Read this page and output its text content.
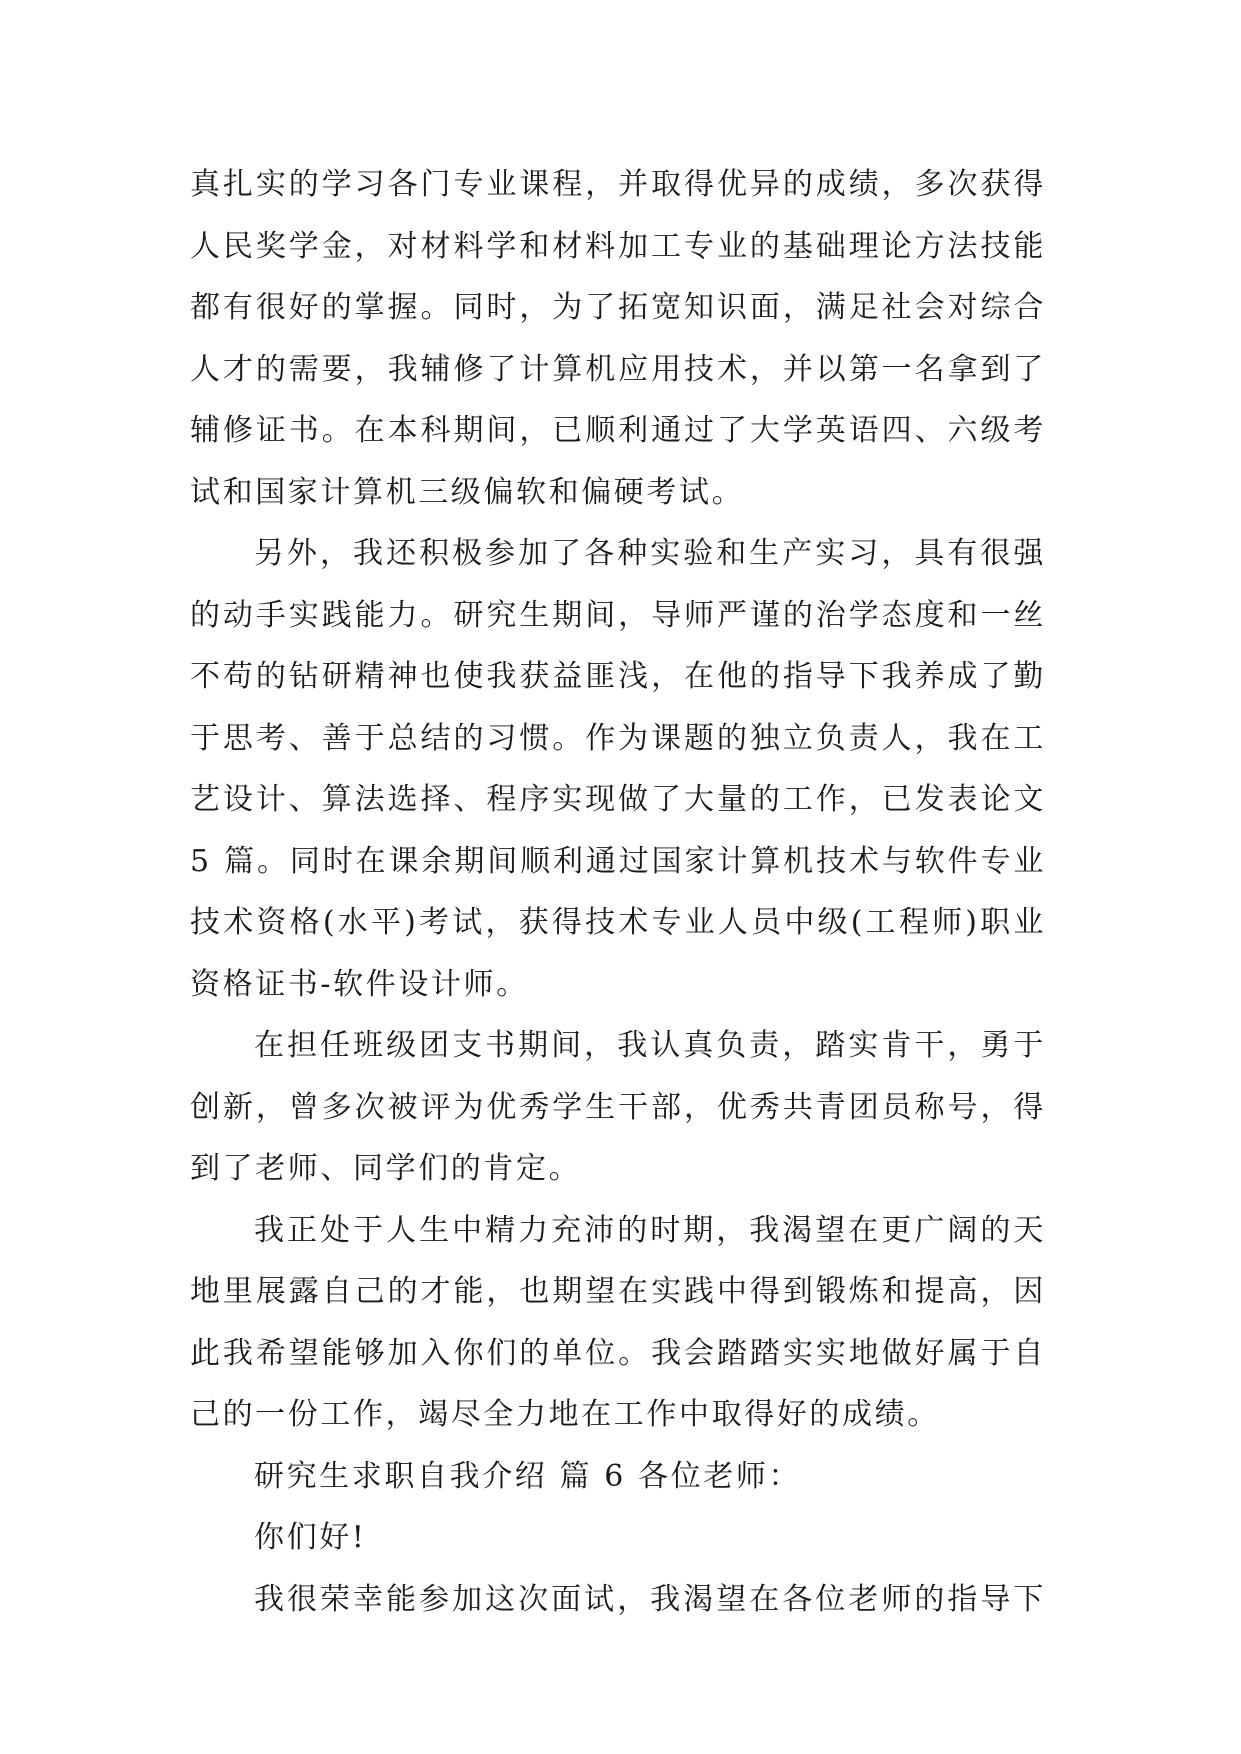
真扎实的学习各门专业课程，并取得优异的成绩，多次获得
人民奖学金，对材料学和材料加工专业的基础理论方法技能
都有很好的掌握。同时，为了拓宽知识面，满足社会对综合
人才的需要，我辅修了计算机应用技术，并以第一名拿到了
辅修证书。在本科期间，已顺利通过了大学英语四、六级考
试和国家计算机三级偏软和偏硬考试。
另外，我还积极参加了各种实验和生产实习，具有很强
的动手实践能力。研究生期间，导师严谨的治学态度和一丝
不苟的钻研精神也使我获益匪浅，在他的指导下我养成了勤
于思考、善于总结的习惯。作为课题的独立负责人，我在工
艺设计、算法选择、程序实现做了大量的工作，已发表论文
5 篇。同时在课余期间顺利通过国家计算机技术与软件专业
技术资格(水平)考试，获得技术专业人员中级(工程师)职业
资格证书-软件设计师。
在担任班级团支书期间，我认真负责，踏实肯干，勇于
创新，曾多次被评为优秀学生干部，优秀共青团员称号，得
到了老师、同学们的肯定。
我正处于人生中精力充沛的时期，我渴望在更广阔的天
地里展露自己的才能，也期望在实践中得到锻炼和提高，因
此我希望能够加入你们的单位。我会踏踏实实地做好属于自
己的一份工作，竭尽全力地在工作中取得好的成绩。
研究生求职自我介绍 篇 6 各位老师：
你们好!
我很荣幸能参加这次面试，我渴望在各位老师的指导下
